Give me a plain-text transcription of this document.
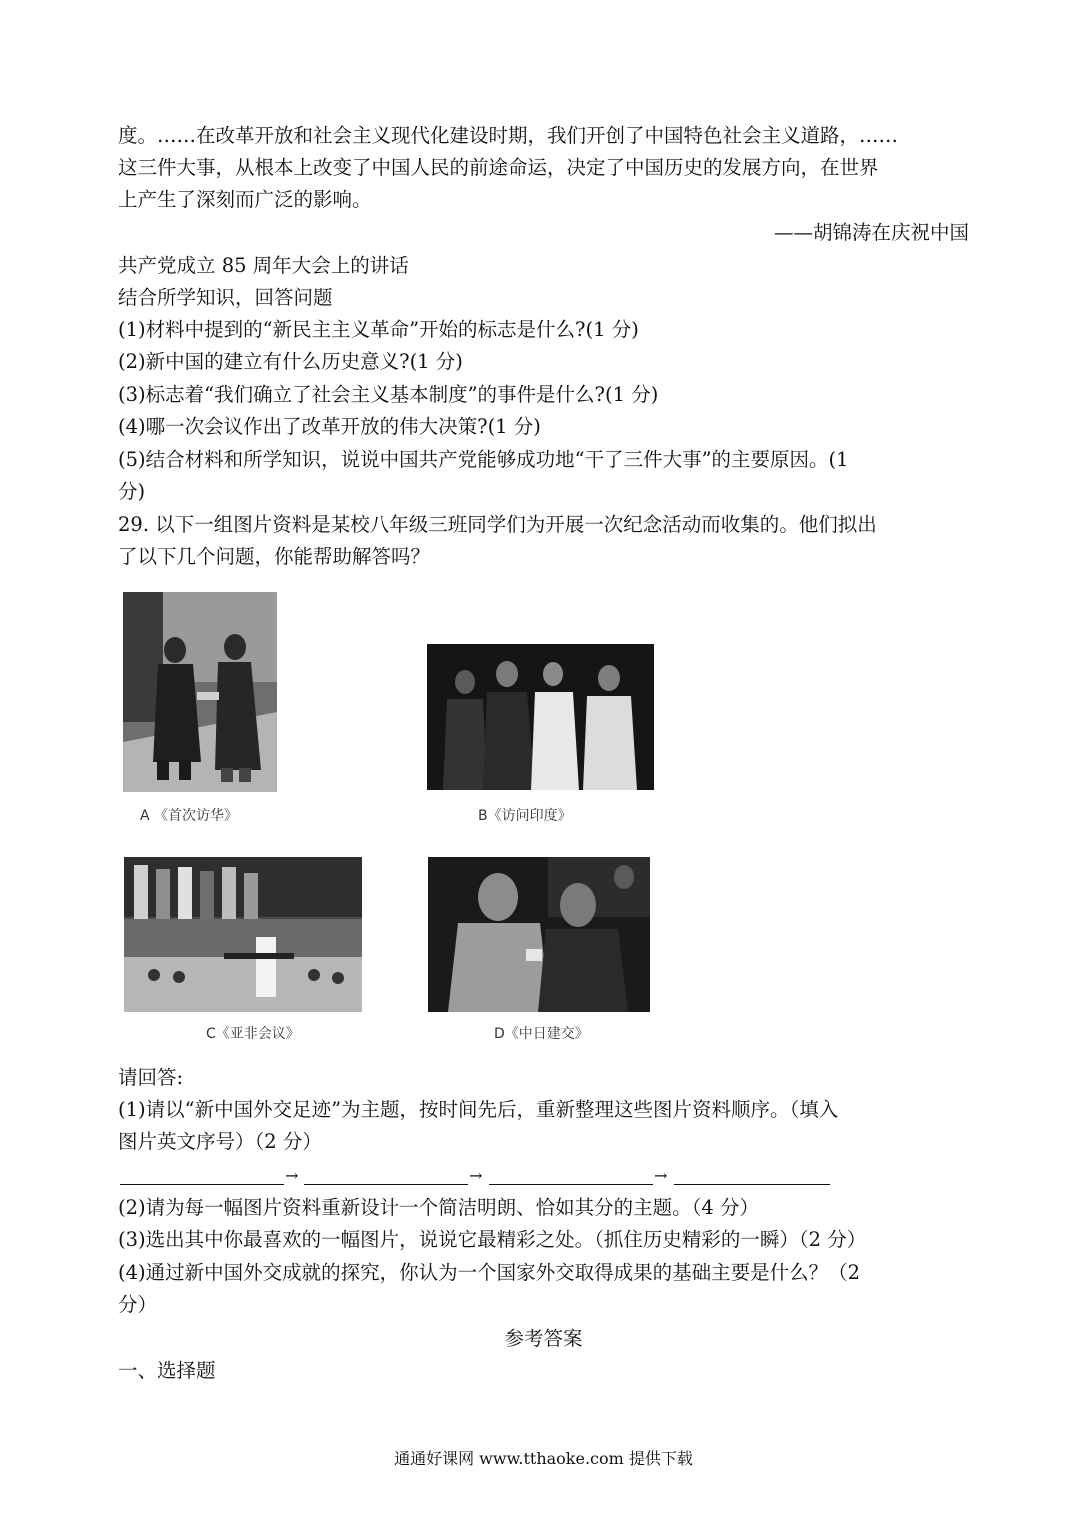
度。……在改革开放和社会主义现代化建设时期，我们开创了中国特色社会主义道路，……
这三件大事，从根本上改变了中国人民的前途命运，决定了中国历史的发展方向，在世界
上产生了深刻而广泛的影响。
——胡锦涛在庆祝中国
共产党成立 85 周年大会上的讲话
结合所学知识，回答问题
(1)材料中提到的“新民主主义革命”开始的标志是什么?(1 分)
(2)新中国的建立有什么历史意义?(1 分)
(3)标志着“我们确立了社会主义基本制度”的事件是什么?(1 分)
(4)哪一次会议作出了改革开放的伟大决策?(1 分)
(5)结合材料和所学知识，说说中国共产党能够成功地“干了三件大事”的主要原因。(1
分)
29. 以下一组图片资料是某校八年级三班同学们为开展一次纪念活动而收集的。他们拟出
了以下几个问题，你能帮助解答吗？
A 《首次访华》	B《访问印度》
C《亚非会议》	D《中日建交》
请回答:
(1)请以“新中国外交足迹”为主题，按时间先后，重新整理这些图片资料顺序。（填入
图片英文序号）（2 分）
→	→	→
(2)请为每一幅图片资料重新设计一个简洁明朗、恰如其分的主题。（4 分）
(3)选出其中你最喜欢的一幅图片，说说它最精彩之处。（抓住历史精彩的一瞬）（2 分）
(4)通过新中国外交成就的探究，你认为一个国家外交取得成果的基础主要是什么？（2
分）
参考答案
一、选择题
通通好课网 www.tthaoke.com 提供下载
